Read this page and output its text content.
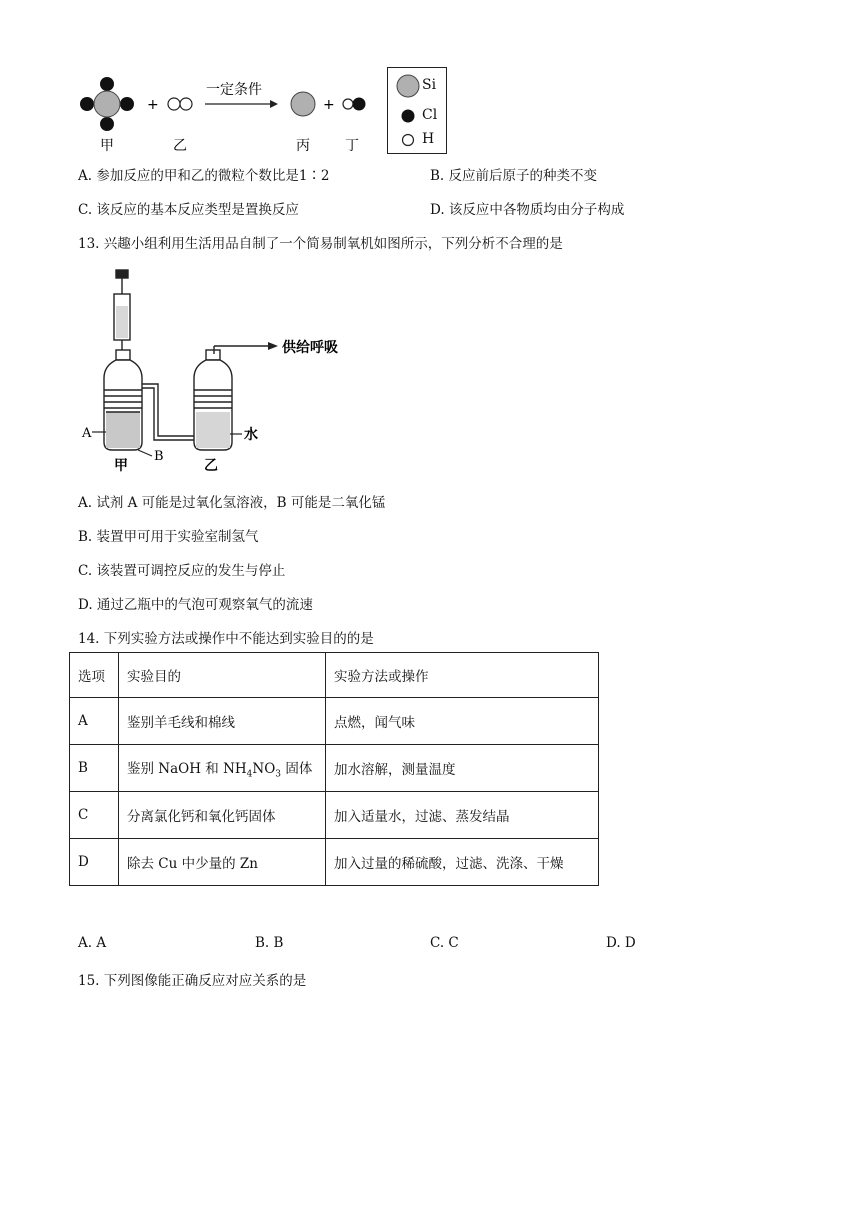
+
一定条件
+
甲	乙	丙	丁
Si
Cl
H
A. 参加反应的甲和乙的微粒个数比是1∶2	B. 反应前后原子的种类不变
C. 该反应的基本反应类型是置换反应	D. 该反应中各物质均由分子构成
13. 兴趣小组利用生活用品自制了一个简易制氧机如图所示，下列分析不合理的是
供给呼吸
A
B
水
甲	乙
A. 试剂 A 可能是过氧化氢溶液，B 可能是二氧化锰
B. 装置甲可用于实验室制氢气
C. 该装置可调控反应的发生与停止
D. 通过乙瓶中的气泡可观察氧气的流速
14. 下列实验方法或操作中不能达到实验目的的是
选项	实验目的	实验方法或操作
A	鉴别羊毛线和棉线	点燃，闻气味
B	鉴别 NaOH 和 $NH_4NO_3$ 固体	加水溶解，测量温度
C	分离氯化钙和氧化钙固体	加入适量水，过滤、蒸发结晶
D	除去 Cu 中少量的 Zn	加入过量的稀硫酸，过滤、洗涤、干燥
A. A	B. B	C. C	D. D
15. 下列图像能正确反应对应关系的是
